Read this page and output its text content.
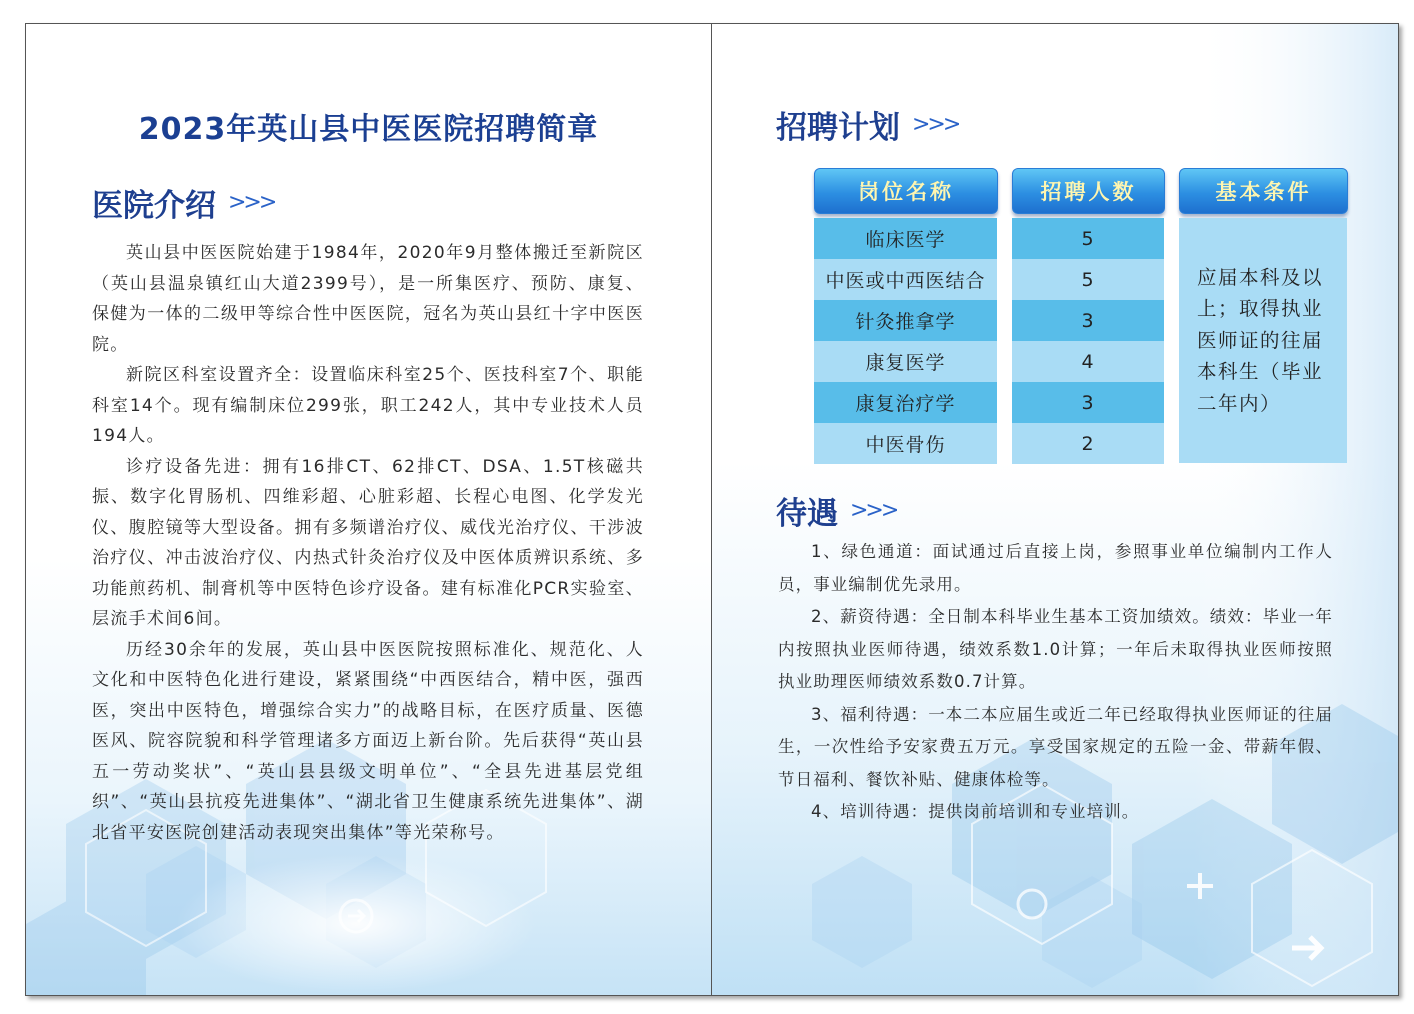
2023年英山县中医医院招聘简章
医院介绍 >>>

英山县中医医院始建于1984年，2020年9月整体搬迁至新院区（英山县温泉镇红山大道2399号），是一所集医疗、预防、康复、保健为一体的二级甲等综合性中医医院，冠名为英山县红十字中医医院。

新院区科室设置齐全：设置临床科室25个、医技科室7个、职能科室14个。现有编制床位299张，职工242人，其中专业技术人员194人。

诊疗设备先进：拥有16排CT、62排CT、DSA、1.5T核磁共振、数字化胃肠机、四维彩超、心脏彩超、长程心电图、化学发光仪、腹腔镜等大型设备。拥有多频谱治疗仪、威伐光治疗仪、干涉波治疗仪、冲击波治疗仪、内热式针灸治疗仪及中医体质辨识系统、多功能煎药机、制膏机等中医特色诊疗设备。建有标准化PCR实验室、层流手术间6间。

历经30余年的发展，英山县中医医院按照标准化、规范化、人文化和中医特色化进行建设，紧紧围绕“中西医结合，精中医，强西医，突出中医特色，增强综合实力”的战略目标，在医疗质量、医德医风、院容院貌和科学管理诸多方面迈上新台阶。先后获得“英山县五一劳动奖状”、“英山县县级文明单位”、“全县先进基层党组织”、“英山县抗疫先进集体”、“湖北省卫生健康系统先进集体”、湖北省平安医院创建活动表现突出集体”等光荣称号。

招聘计划 >>>
岗位名称	招聘人数	基本条件
临床医学	5
中医或中西医结合	5
针灸推拿学	3
康复医学	4
康复治疗学	3
中医骨伤	2
应届本科及以上；取得执业医师证的往届本科生（毕业二年内）
待遇 >>>

1、绿色通道：面试通过后直接上岗，参照事业单位编制内工作人员，事业编制优先录用。

2、薪资待遇：全日制本科毕业生基本工资加绩效。绩效：毕业一年内按照执业医师待遇，绩效系数1.0计算；一年后未取得执业医师按照执业助理医师绩效系数0.7计算。

3、福利待遇：一本二本应届生或近二年已经取得执业医师证的往届生，一次性给予安家费五万元。享受国家规定的五险一金、带薪年假、节日福利、餐饮补贴、健康体检等。

4、培训待遇：提供岗前培训和专业培训。
